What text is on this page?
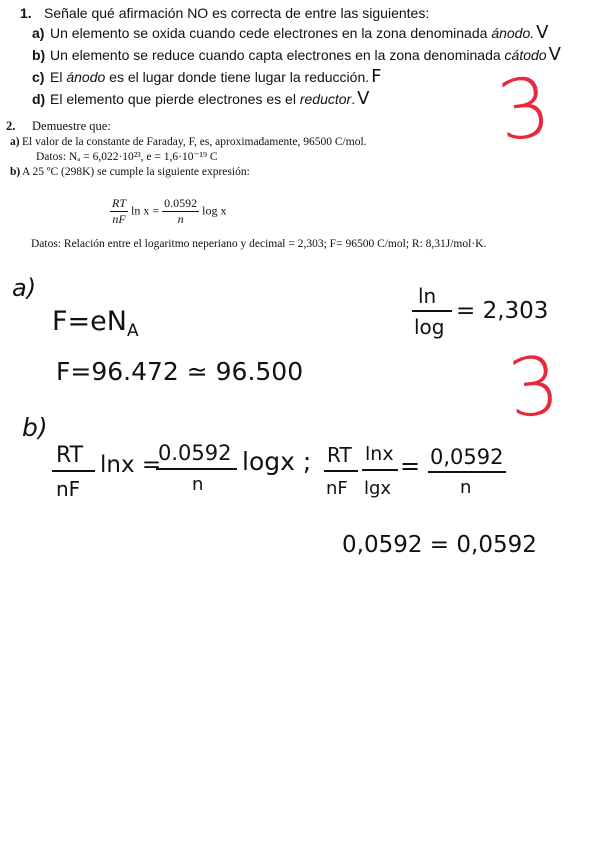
1. Señale qué afirmación NO es correcta de entre las siguientes:
a) Un elemento se oxida cuando cede electrones en la zona denominada ánodo. V
b) Un elemento se reduce cuando capta electrones en la zona denominada cátodo V
c) El ánodo es el lugar donde tiene lugar la reducción. F
d) El elemento que pierde electrones es el reductor. V
2. Demuestre que:
a) El valor de la constante de Faraday, F, es, aproximadamente, 96500 C/mol.
Datos: Nₐ = 6,022·10²³, e = 1,6·10⁻¹⁹ C
b) A 25 ºC (298K) se cumple la siguiente expresión:
$\frac{RT}{nF}$ $\ln x = \frac{0.0592}{n}$ log x
Datos: Relación entre el logaritmo neperiano y decimal = 2,303; F= 96500 C/mol; R: 8,31J/mol·K.
a)
$F=eN_A$
F=96.472 ≃ 96.500
ln
log
= 2,303
3
3
b)
RT
nF
lnx =
0.0592
n
logx ; RT
nF
lnx
lgx
= 0,0592
n
0,0592 = 0,0592
